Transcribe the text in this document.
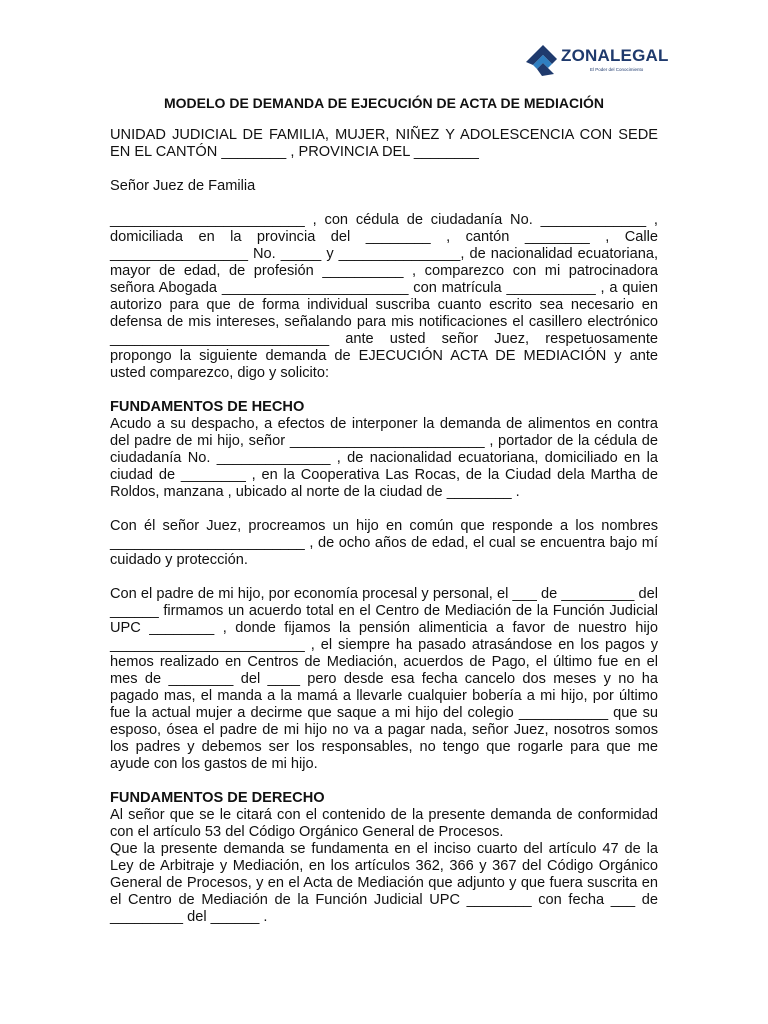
ZONALEGAL
El Poder del Conocimiento
MODELO DE DEMANDA DE EJECUCIÓN DE ACTA DE MEDIACIÓN

UNIDAD JUDICIAL DE FAMILIA, MUJER, NIÑEZ Y ADOLESCENCIA CON SEDE EN EL CANTÓN ________ , PROVINCIA DEL ________

Señor Juez de Familia

________________________ , con cédula de ciudadanía No. _____________ , domiciliada en la provincia del ________ , cantón ________ , Calle _________________ No. _____ y _______________, de nacionalidad ecuatoriana, mayor de edad, de profesión __________ , comparezco con mi patrocinadora señora Abogada _______________________ con matrícula ___________ , a quien autorizo para que de forma individual suscriba cuanto escrito sea necesario en defensa de mis intereses, señalando para mis notificaciones el casillero electrónico ___________________________ ante usted señor Juez, respetuosamente propongo la siguiente demanda de EJECUCIÓN ACTA DE MEDIACIÓN y ante usted comparezco, digo y solicito:

FUNDAMENTOS DE HECHO

Acudo a su despacho, a efectos de interponer la demanda de alimentos en contra del padre de mi hijo, señor ________________________ , portador de la cédula de ciudadanía No. ______________ , de nacionalidad ecuatoriana, domiciliado en la ciudad de ________ , en la Cooperativa Las Rocas, de la Ciudad dela Martha de Roldos, manzana , ubicado al norte de la ciudad de ________ .

Con él señor Juez, procreamos un hijo en común que responde a los nombres ________________________ , de ocho años de edad, el cual se encuentra bajo mí cuidado y protección.

Con el padre de mi hijo, por economía procesal y personal, el ___ de _________ del ______ firmamos un acuerdo total en el Centro de Mediación de la Función Judicial UPC ________ , donde fijamos la pensión alimenticia a favor de nuestro hijo ________________________ , el siempre ha pasado atrasándose en los pagos y hemos realizado en Centros de Mediación, acuerdos de Pago, el último fue en el mes de ________ del ____ pero desde esa fecha cancelo dos meses y no ha pagado mas, el manda a la mamá a llevarle cualquier bobería a mi hijo, por último fue la actual mujer a decirme que saque a mi hijo del colegio ___________ que su esposo, ósea el padre de mi hijo no va a pagar nada, señor Juez, nosotros somos los padres y debemos ser los responsables, no tengo que rogarle para que me ayude con los gastos de mi hijo.

FUNDAMENTOS DE DERECHO

Al señor que se le citará con el contenido de la presente demanda de conformidad con el artículo 53 del Código Orgánico General de Procesos.

Que la presente demanda se fundamenta en el inciso cuarto del artículo 47 de la Ley de Arbitraje y Mediación, en los artículos 362, 366 y 367 del Código Orgánico General de Procesos, y en el Acta de Mediación que adjunto y que fuera suscrita en el Centro de Mediación de la Función Judicial UPC ________ con fecha ___ de _________ del ______ .
